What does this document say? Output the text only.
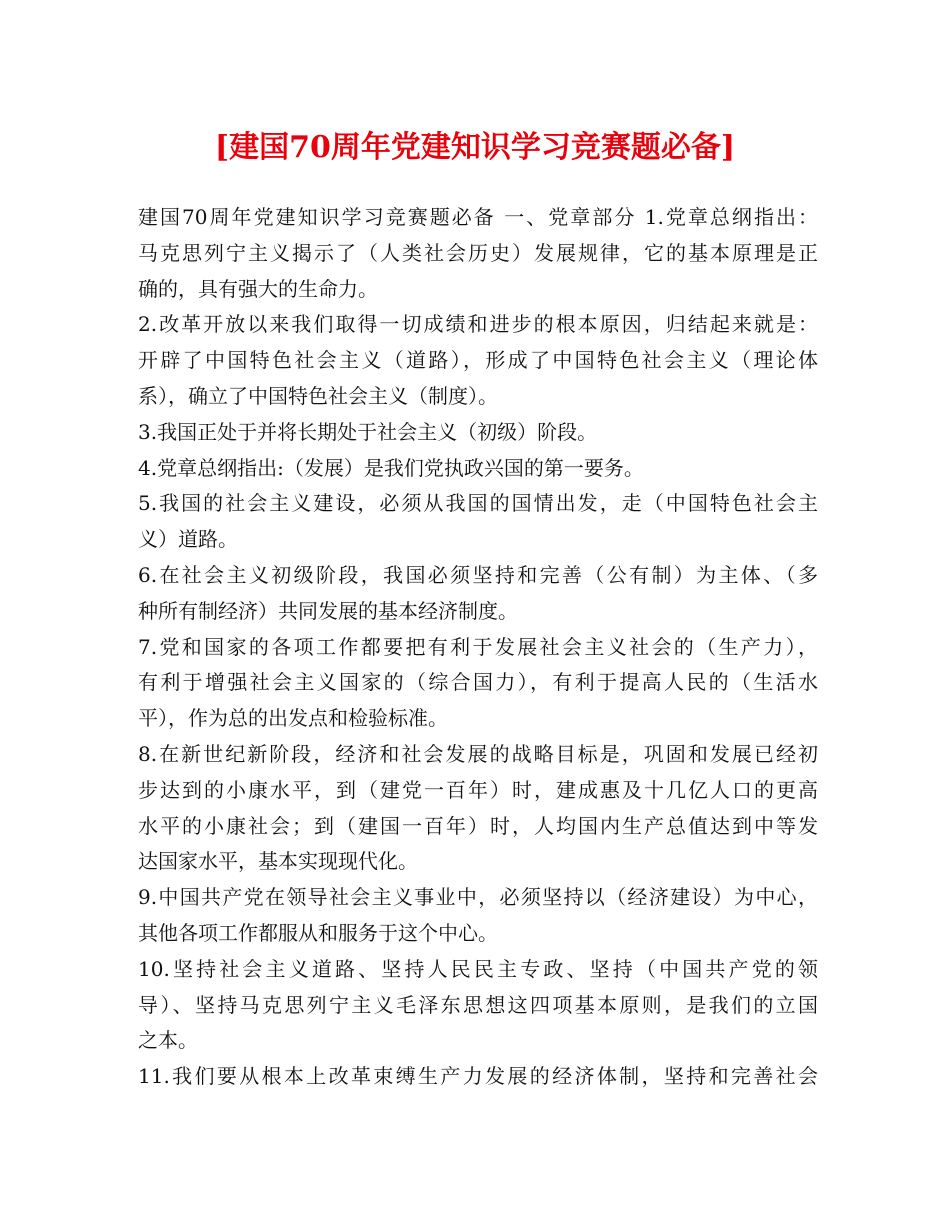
[建国70周年党建知识学习竞赛题必备]
建国70周年党建知识学习竞赛题必备 一、党章部分 1.党章总纲指出：
马克思列宁主义揭示了（人类社会历史）发展规律，它的基本原理是正
确的，具有强大的生命力。
2.改革开放以来我们取得一切成绩和进步的根本原因，归结起来就是：
开辟了中国特色社会主义（道路），形成了中国特色社会主义（理论体
系），确立了中国特色社会主义（制度）。
3.我国正处于并将长期处于社会主义（初级）阶段。
4.党章总纲指出:（发展）是我们党执政兴国的第一要务。
5.我国的社会主义建设，必须从我国的国情出发，走（中国特色社会主
义）道路。
6.在社会主义初级阶段，我国必须坚持和完善（公有制）为主体、（多
种所有制经济）共同发展的基本经济制度。
7.党和国家的各项工作都要把有利于发展社会主义社会的（生产力），
有利于增强社会主义国家的（综合国力），有利于提高人民的（生活水
平），作为总的出发点和检验标准。
8.在新世纪新阶段，经济和社会发展的战略目标是，巩固和发展已经初
步达到的小康水平，到（建党一百年）时，建成惠及十几亿人口的更高
水平的小康社会；到（建国一百年）时，人均国内生产总值达到中等发
达国家水平，基本实现现代化。
9.中国共产党在领导社会主义事业中，必须坚持以（经济建设）为中心，
其他各项工作都服从和服务于这个中心。
10.坚持社会主义道路、坚持人民民主专政、坚持（中国共产党的领
导）、坚持马克思列宁主义毛泽东思想这四项基本原则，是我们的立国
之本。
11.我们要从根本上改革束缚生产力发展的经济体制，坚持和完善社会
